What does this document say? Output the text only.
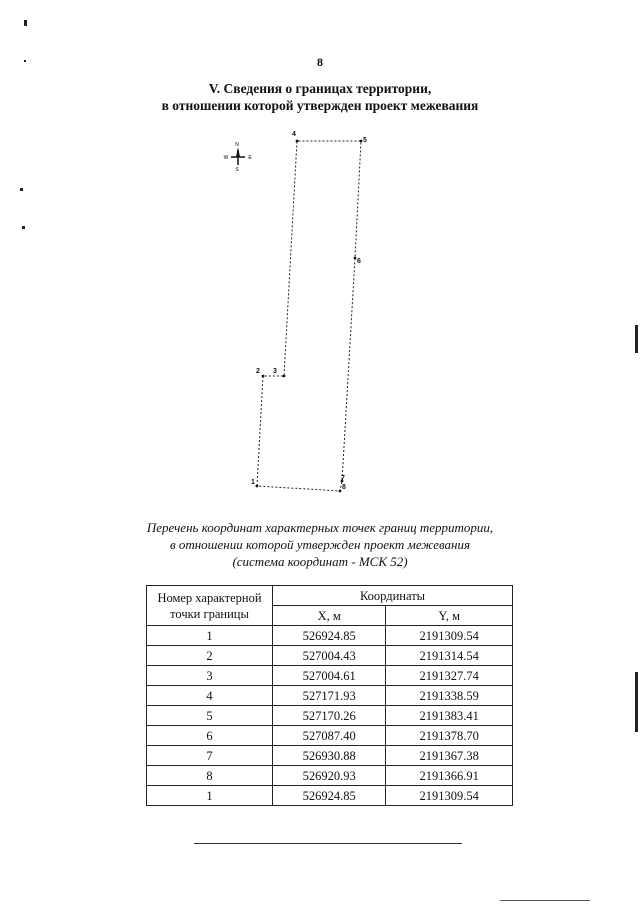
8
V. Сведения о границах территории,
в отношении которой утвержден проект межевания
N
S
W	E
1
2 3
4
5
6
7
8
Перечень координат характерных точек границ территории,
в отношении которой утвержден проект межевания
(система координат - МСК 52)
Номер характерной точки границы	Координаты	
	X, м	Y, м
1	526924.85	2191309.54
2	527004.43	2191314.54
3	527004.61	2191327.74
4	527171.93	2191338.59
5	527170.26	2191383.41
6	527087.40	2191378.70
7	526930.88	2191367.38
8	526920.93	2191366.91
1	526924.85	2191309.54
